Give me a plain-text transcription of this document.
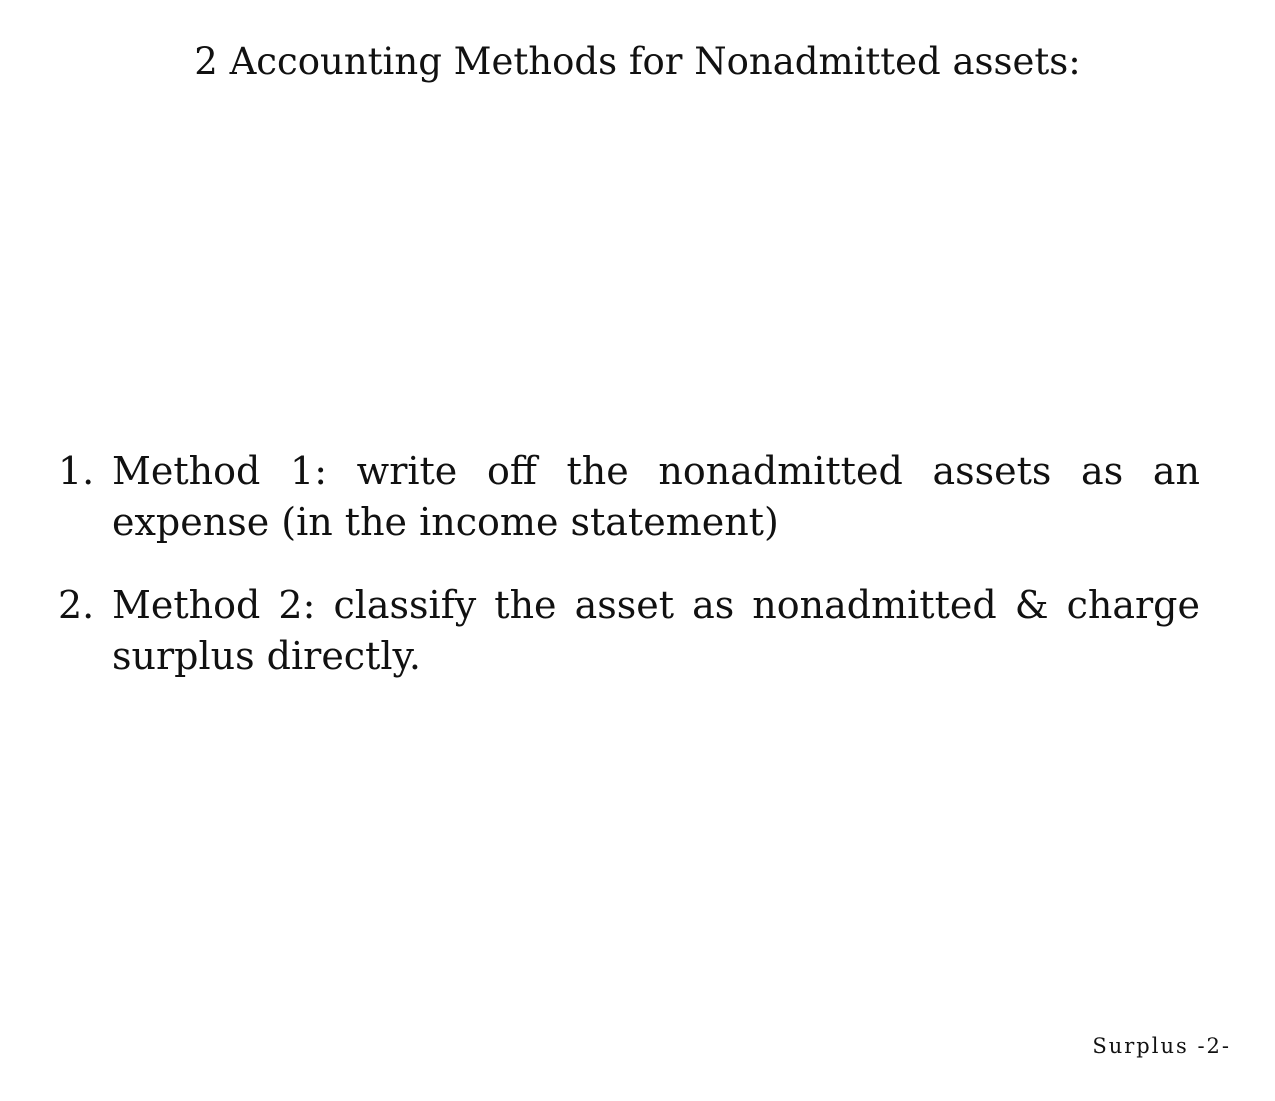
2 Accounting Methods for Nonadmitted assets:
1. Method 1: write off the nonadmitted assets as an expense (in the income statement)
2. Method 2: classify the asset as nonadmitted & charge surplus directly.
Surplus -2-
